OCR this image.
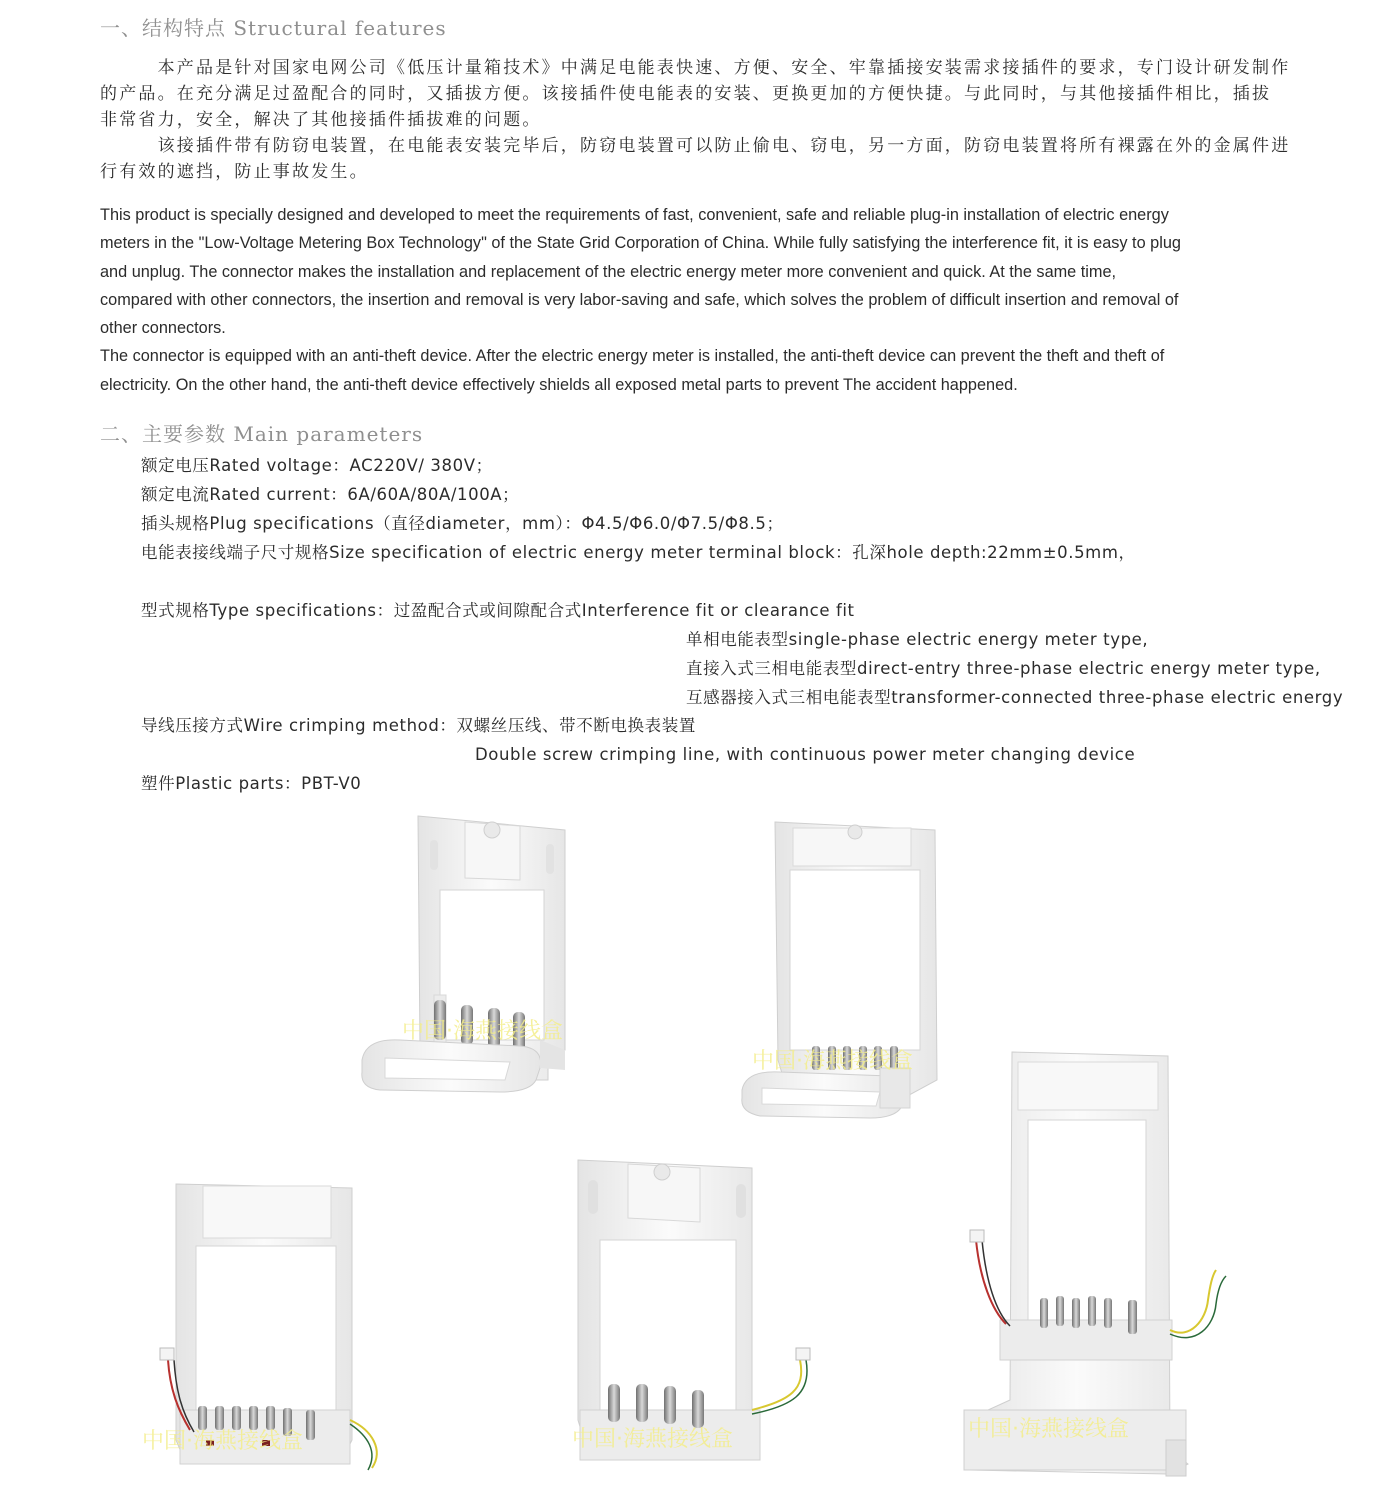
一、结构特点 Structural features
　　　本产品是针对国家电网公司《低压计量箱技术》中满足电能表快速、方便、安全、牢靠插接安装需求接插件的要求，专门设计研发制作
的产品。在充分满足过盈配合的同时，又插拔方便。该接插件使电能表的安装、更换更加的方便快捷。与此同时，与其他接插件相比，插拔
非常省力，安全，解决了其他接插件插拔难的问题。
　　　该接插件带有防窃电装置，在电能表安装完毕后，防窃电装置可以防止偷电、窃电，另一方面，防窃电装置将所有裸露在外的金属件进
行有效的遮挡，防止事故发生。
This product is specially designed and developed to meet the requirements of fast, convenient, safe and reliable plug-in installation of electric energy
meters in the "Low-Voltage Metering Box Technology" of the State Grid Corporation of China. While fully satisfying the interference fit, it is easy to plug
and unplug. The connector makes the installation and replacement of the electric energy meter more convenient and quick. At the same time,
compared with other connectors, the insertion and removal is very labor-saving and safe, which solves the problem of difficult insertion and removal of
other connectors.
The connector is equipped with an anti-theft device. After the electric energy meter is installed, the anti-theft device can prevent the theft and theft of
electricity. On the other hand, the anti-theft device effectively shields all exposed metal parts to prevent The accident happened.
二、主要参数 Main parameters
额定电压Rated voltage：AC220V/ 380V；
额定电流Rated current：6A/60A/80A/100A；
插头规格Plug specifications（直径diameter，mm）：Φ4.5/Φ6.0/Φ7.5/Φ8.5；
电能表接线端子尺寸规格Size specification of electric energy meter terminal block：孔深hole depth:22mm±0.5mm，
型式规格Type specifications：过盈配合式或间隙配合式Interference fit or clearance fit
单相电能表型single-phase electric energy meter type,
直接入式三相电能表型direct-entry three-phase electric energy meter type,
互感器接入式三相电能表型transformer-connected three-phase electric energy
导线压接方式Wire crimping method：双螺丝压线、带不断电换表装置
Double screw crimping line, with continuous power meter changing device
塑件Plastic parts：PBT-V0
中国·海燕接线盒
中国·海燕接线盒
中国·海燕接线盒	中国·海燕接线盒	中国·海燕接线盒
